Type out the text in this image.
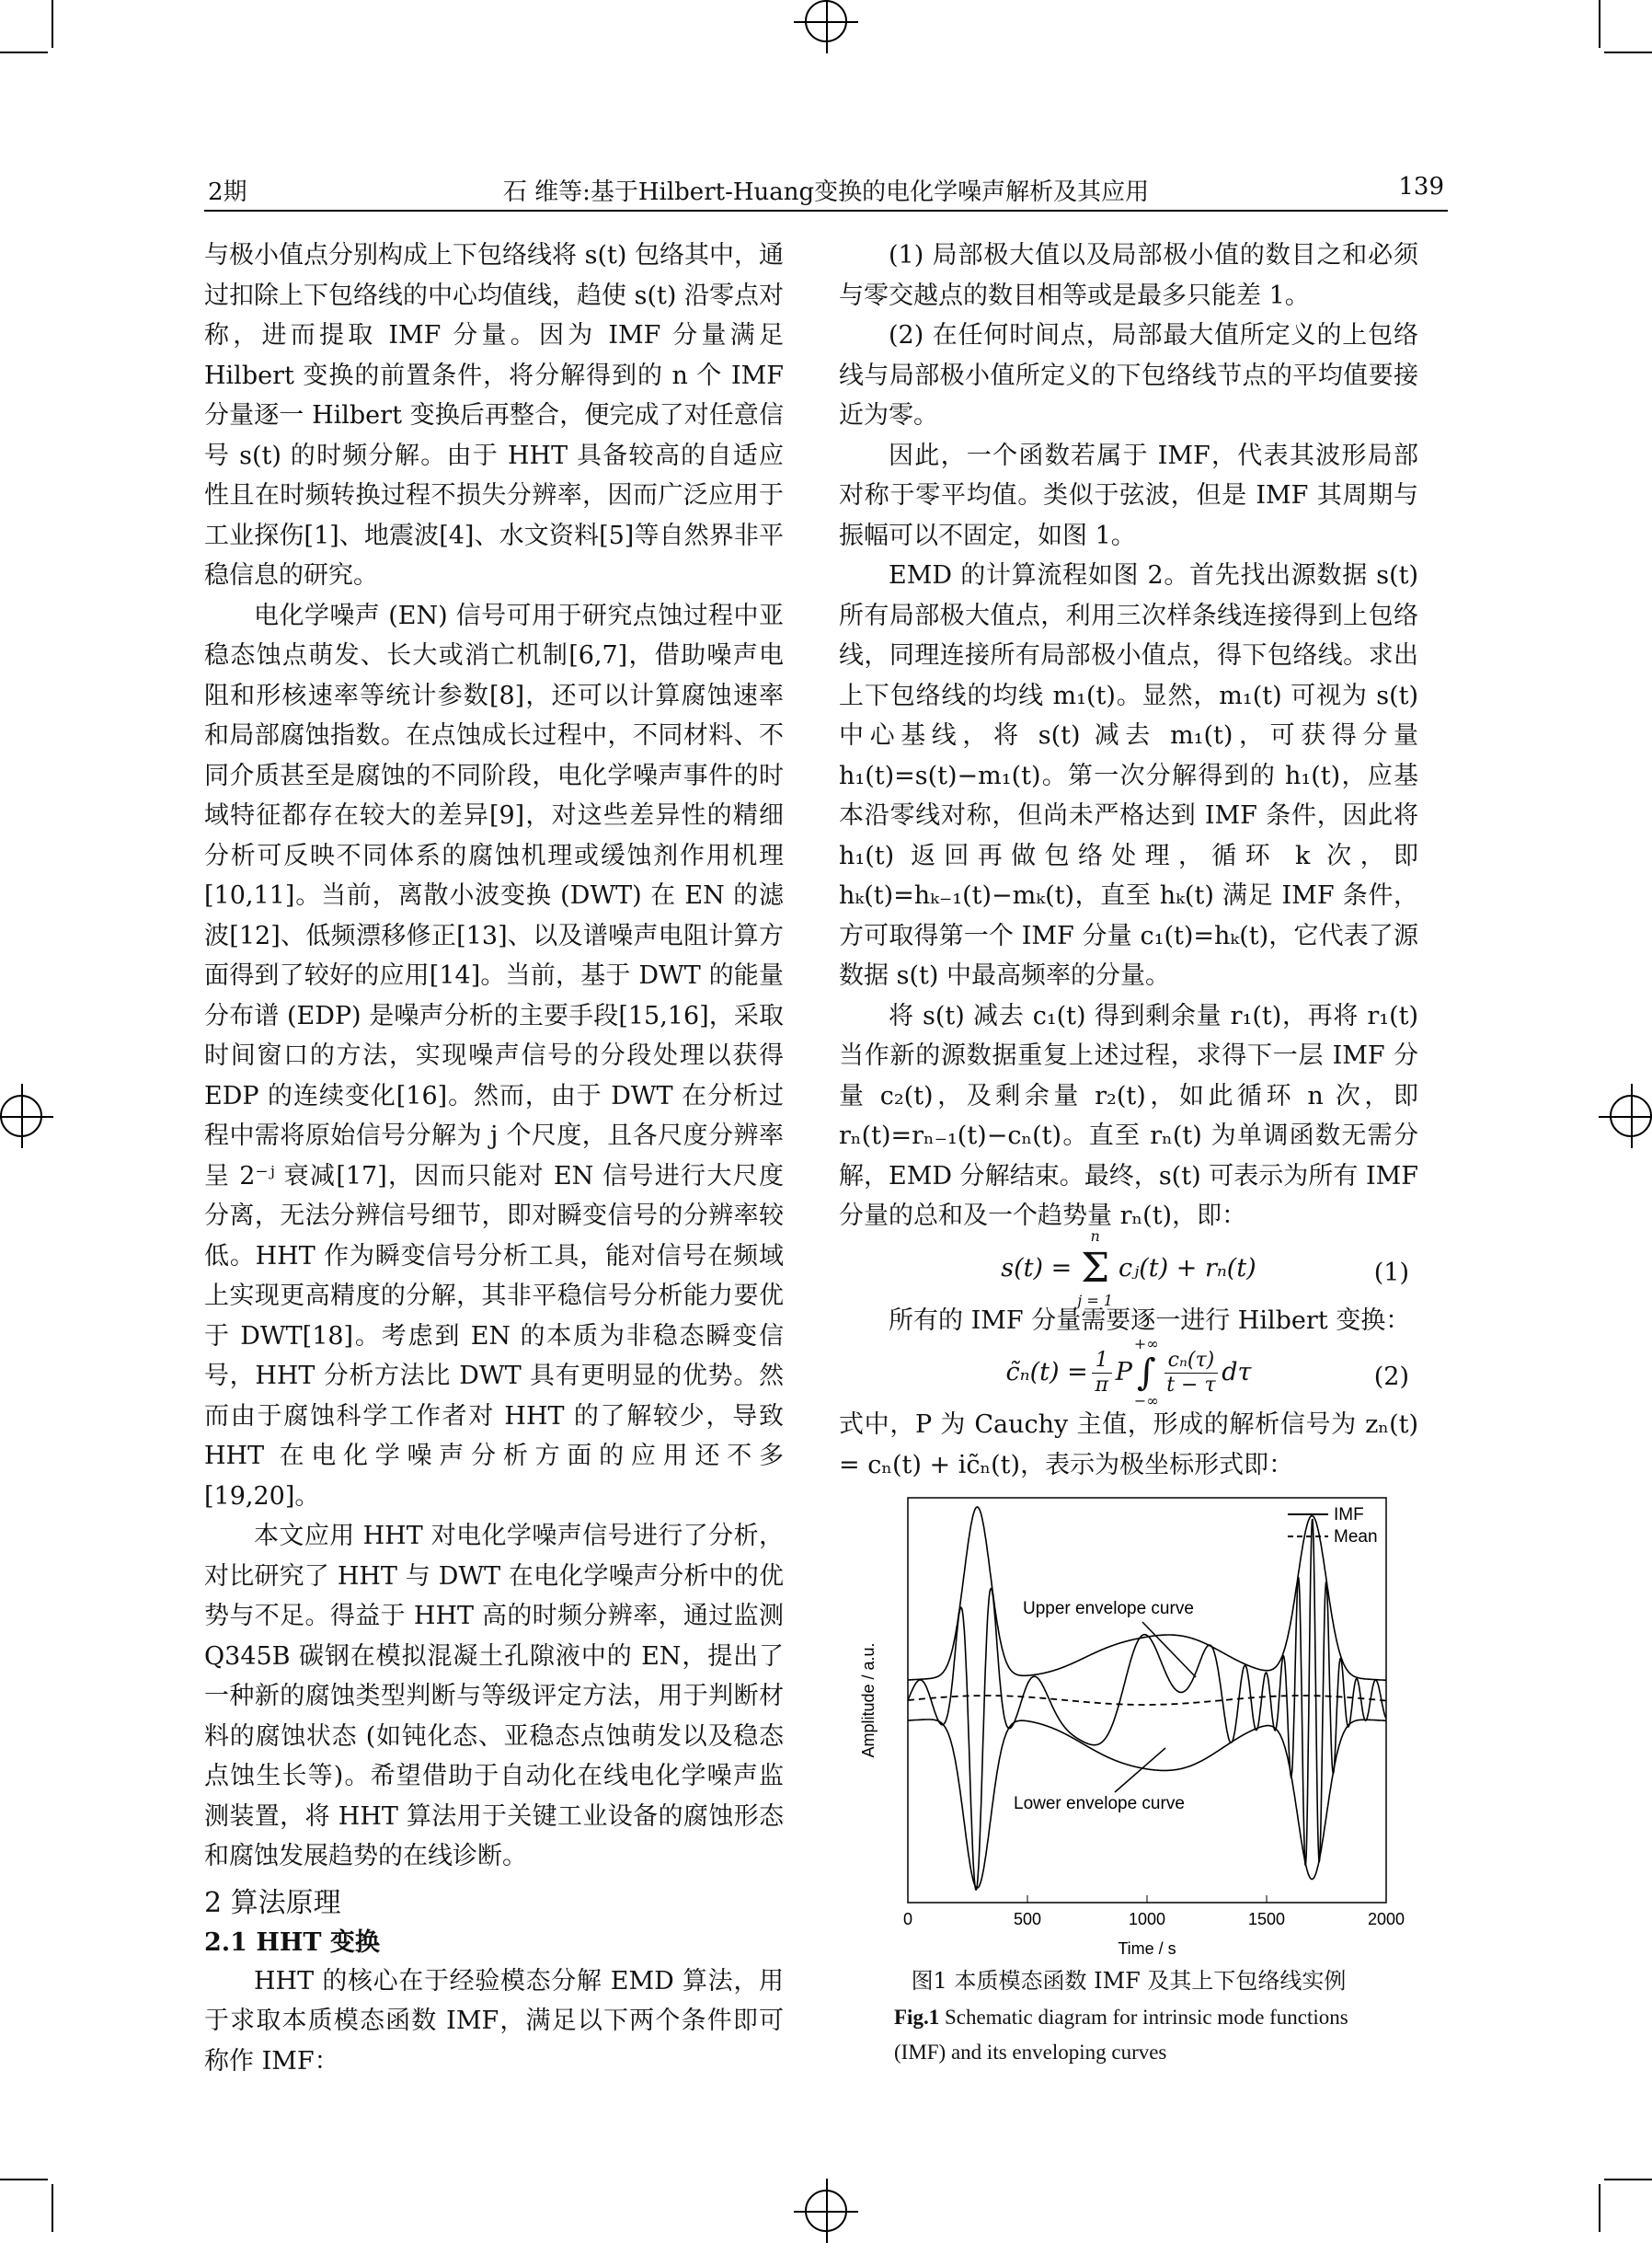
2期	石 维等:基于Hilbert-Huang变换的电化学噪声解析及其应用	139

与极小值点分别构成上下包络线将 s(t) 包络其中，通过扣除上下包络线的中心均值线，趋使 s(t) 沿零点对称，进而提取 IMF 分量。因为 IMF 分量满足 Hilbert 变换的前置条件，将分解得到的 n 个 IMF 分量逐一 Hilbert 变换后再整合，便完成了对任意信号 s(t) 的时频分解。由于 HHT 具备较高的自适应性且在时频转换过程不损失分辨率，因而广泛应用于工业探伤[1]、地震波[4]、水文资料[5]等自然界非平稳信息的研究。

电化学噪声 (EN) 信号可用于研究点蚀过程中亚稳态蚀点萌发、长大或消亡机制[6,7]，借助噪声电阻和形核速率等统计参数[8]，还可以计算腐蚀速率和局部腐蚀指数。在点蚀成长过程中，不同材料、不同介质甚至是腐蚀的不同阶段，电化学噪声事件的时域特征都存在较大的差异[9]，对这些差异性的精细分析可反映不同体系的腐蚀机理或缓蚀剂作用机理[10,11]。当前，离散小波变换 (DWT) 在 EN 的滤波[12]、低频漂移修正[13]、以及谱噪声电阻计算方面得到了较好的应用[14]。当前，基于 DWT 的能量分布谱 (EDP) 是噪声分析的主要手段[15,16]，采取时间窗口的方法，实现噪声信号的分段处理以获得 EDP 的连续变化[16]。然而，由于 DWT 在分析过程中需将原始信号分解为 j 个尺度，且各尺度分辨率呈 2⁻ʲ 衰减[17]，因而只能对 EN 信号进行大尺度分离，无法分辨信号细节，即对瞬变信号的分辨率较低。HHT 作为瞬变信号分析工具，能对信号在频域上实现更高精度的分解，其非平稳信号分析能力要优于 DWT[18]。考虑到 EN 的本质为非稳态瞬变信号，HHT 分析方法比 DWT 具有更明显的优势。然而由于腐蚀科学工作者对 HHT 的了解较少，导致 HHT 在电化学噪声分析方面的应用还不多[19,20]。

本文应用 HHT 对电化学噪声信号进行了分析，对比研究了 HHT 与 DWT 在电化学噪声分析中的优势与不足。得益于 HHT 高的时频分辨率，通过监测 Q345B 碳钢在模拟混凝土孔隙液中的 EN，提出了一种新的腐蚀类型判断与等级评定方法，用于判断材料的腐蚀状态 (如钝化态、亚稳态点蚀萌发以及稳态点蚀生长等)。希望借助于自动化在线电化学噪声监测装置，将 HHT 算法用于关键工业设备的腐蚀形态和腐蚀发展趋势的在线诊断。

2 算法原理
2.1 HHT 变换

HHT 的核心在于经验模态分解 EMD 算法，用于求取本质模态函数 IMF，满足以下两个条件即可称作 IMF：

(1) 局部极大值以及局部极小值的数目之和必须与零交越点的数目相等或是最多只能差 1。

(2) 在任何时间点，局部最大值所定义的上包络线与局部极小值所定义的下包络线节点的平均值要接近为零。

因此，一个函数若属于 IMF，代表其波形局部对称于零平均值。类似于弦波，但是 IMF 其周期与振幅可以不固定，如图 1。

EMD 的计算流程如图 2。首先找出源数据 s(t) 所有局部极大值点，利用三次样条线连接得到上包络线，同理连接所有局部极小值点，得下包络线。求出上下包络线的均线 m₁(t)。显然，m₁(t) 可视为 s(t) 中心基线，将 s(t) 减去 m₁(t)，可获得分量 h₁(t)=s(t)−m₁(t)。第一次分解得到的 h₁(t)，应基本沿零线对称，但尚未严格达到 IMF 条件，因此将 h₁(t) 返回再做包络处理，循环 k 次，即 hₖ(t)=hₖ₋₁(t)−mₖ(t)，直至 hₖ(t) 满足 IMF 条件，方可取得第一个 IMF 分量 c₁(t)=hₖ(t)，它代表了源数据 s(t) 中最高频率的分量。

将 s(t) 减去 c₁(t) 得到剩余量 r₁(t)，再将 r₁(t) 当作新的源数据重复上述过程，求得下一层 IMF 分量 c₂(t)，及剩余量 r₂(t)，如此循环 n 次，即 rₙ(t)=rₙ₋₁(t)−cₙ(t)。直至 rₙ(t) 为单调函数无需分解，EMD 分解结束。最终，s(t) 可表示为所有 IMF 分量的总和及一个趋势量 rₙ(t)，即：

s(t) =
n
Σ
j = 1
cⱼ(t) + rₙ(t)	(1)

所有的 IMF 分量需要逐一进行 Hilbert 变换：

c̃ₙ(t) = $\frac{1}{\pi}$ P
+∞
∫
−∞
$\frac{\text{cₙ(τ)}}{t - \tau}$ dτ	(2)

式中，P 为 Cauchy 主值，形成的解析信号为 zₙ(t) = cₙ(t) + ic̃ₙ(t)，表示为极坐标形式即：

0	500	1000	1500	2000
IMF
Mean
Upper envelope curve
Lower envelope curve
Time / s
Amplitude / a.u.
图1 本质模态函数 IMF 及其上下包络线实例
Fig.1 Schematic diagram for intrinsic mode functions (IMF) and its enveloping curves
